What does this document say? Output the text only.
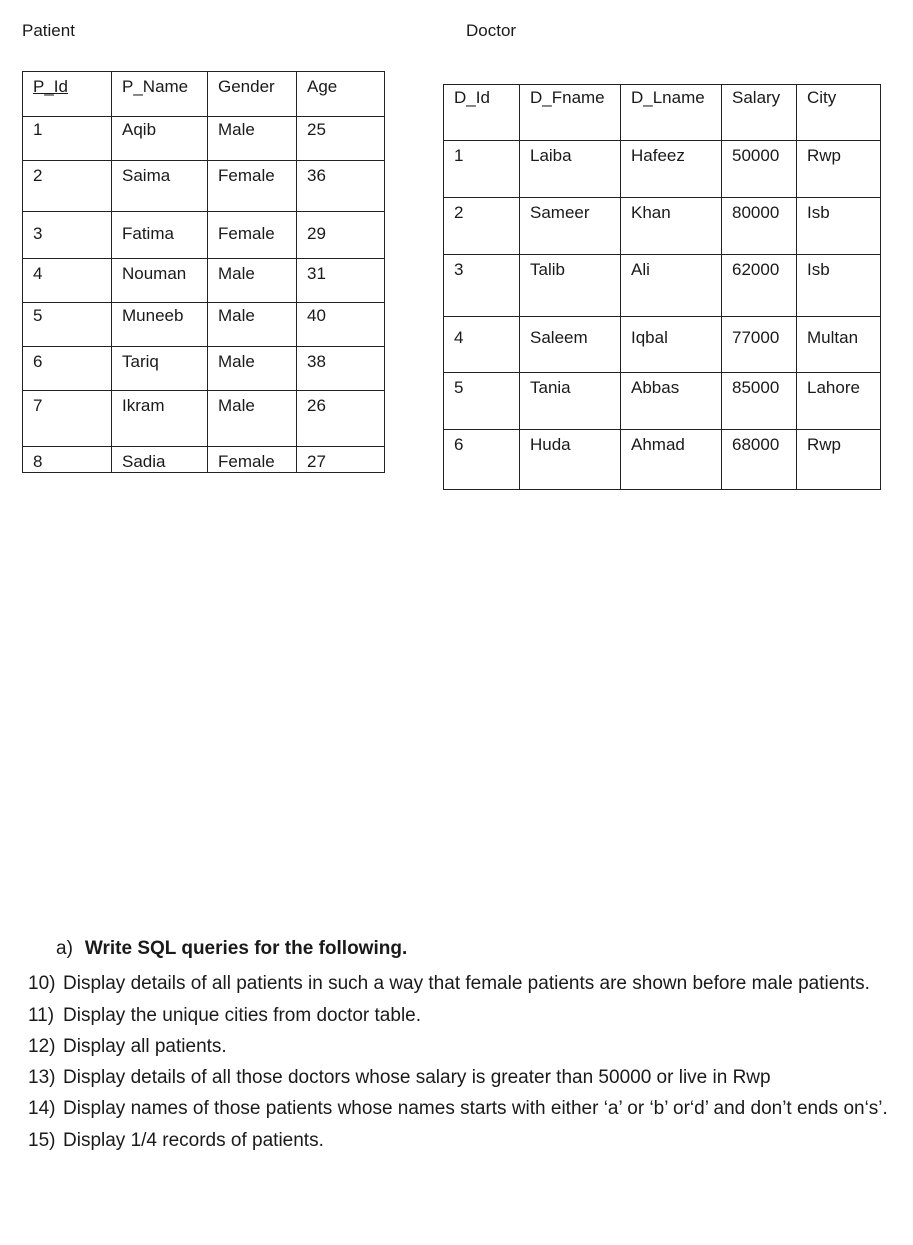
Patient	Doctor
P_Id	P_Name	Gender	Age

1	Aqib	Male	25

2	Saima	Female	36

3	Fatima	Female	29

4	Nouman	Male	31

5	Muneeb	Male	40

6	Tariq	Male	38

7	Ikram	Male	26

8	Sadia	Female	27
D_Id	D_Fname	D_Lname	Salary	City

1	Laiba	Hafeez	50000	Rwp

2	Sameer	Khan	80000	Isb

3	Talib	Ali	62000	Isb

4	Saleem	Iqbal	77000	Multan

5	Tania	Abbas	85000	Lahore

6	Huda	Ahmad	68000	Rwp
a) Write SQL queries for the following.
10) Display details of all patients in such a way that female patients are shown before male patients.
11) Display the unique cities from doctor table.
12) Display all patients.
13) Display details of all those doctors whose salary is greater than 50000 or live in Rwp
14) Display names of those patients whose names starts with either ‘a’ or ‘b’ or‘d’ and don’t ends on‘s’.
15) Display 1/4 records of patients.
